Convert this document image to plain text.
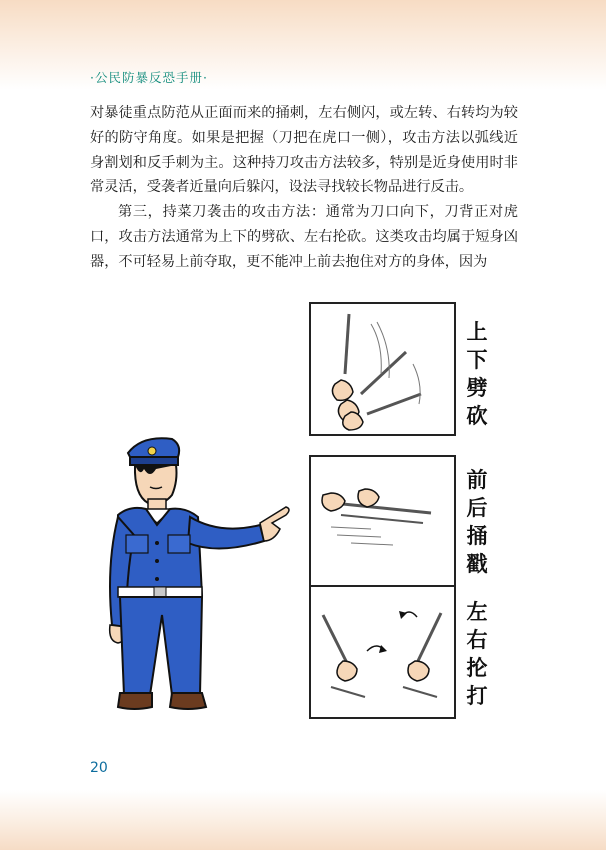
·公民防暴反恐手册·

对暴徒重点防范从正面而来的捅刺，左右侧闪，或左转、右转均为较好的防守角度。如果是把握（刀把在虎口一侧），攻击方法以弧线近身割划和反手刺为主。这种持刀攻击方法较多，特别是近身使用时非常灵活，受袭者近量向后躲闪，设法寻找较长物品进行反击。

第三，持菜刀袭击的攻击方法：通常为刀口向下，刀背正对虎口，攻击方法通常为上下的劈砍、左右抡砍。这类攻击均属于短身凶器，不可轻易上前夺取，更不能冲上前去抱住对方的身体，因为

上
下
劈
砍
前
后
捅
戳
左
右
抡
打
20
